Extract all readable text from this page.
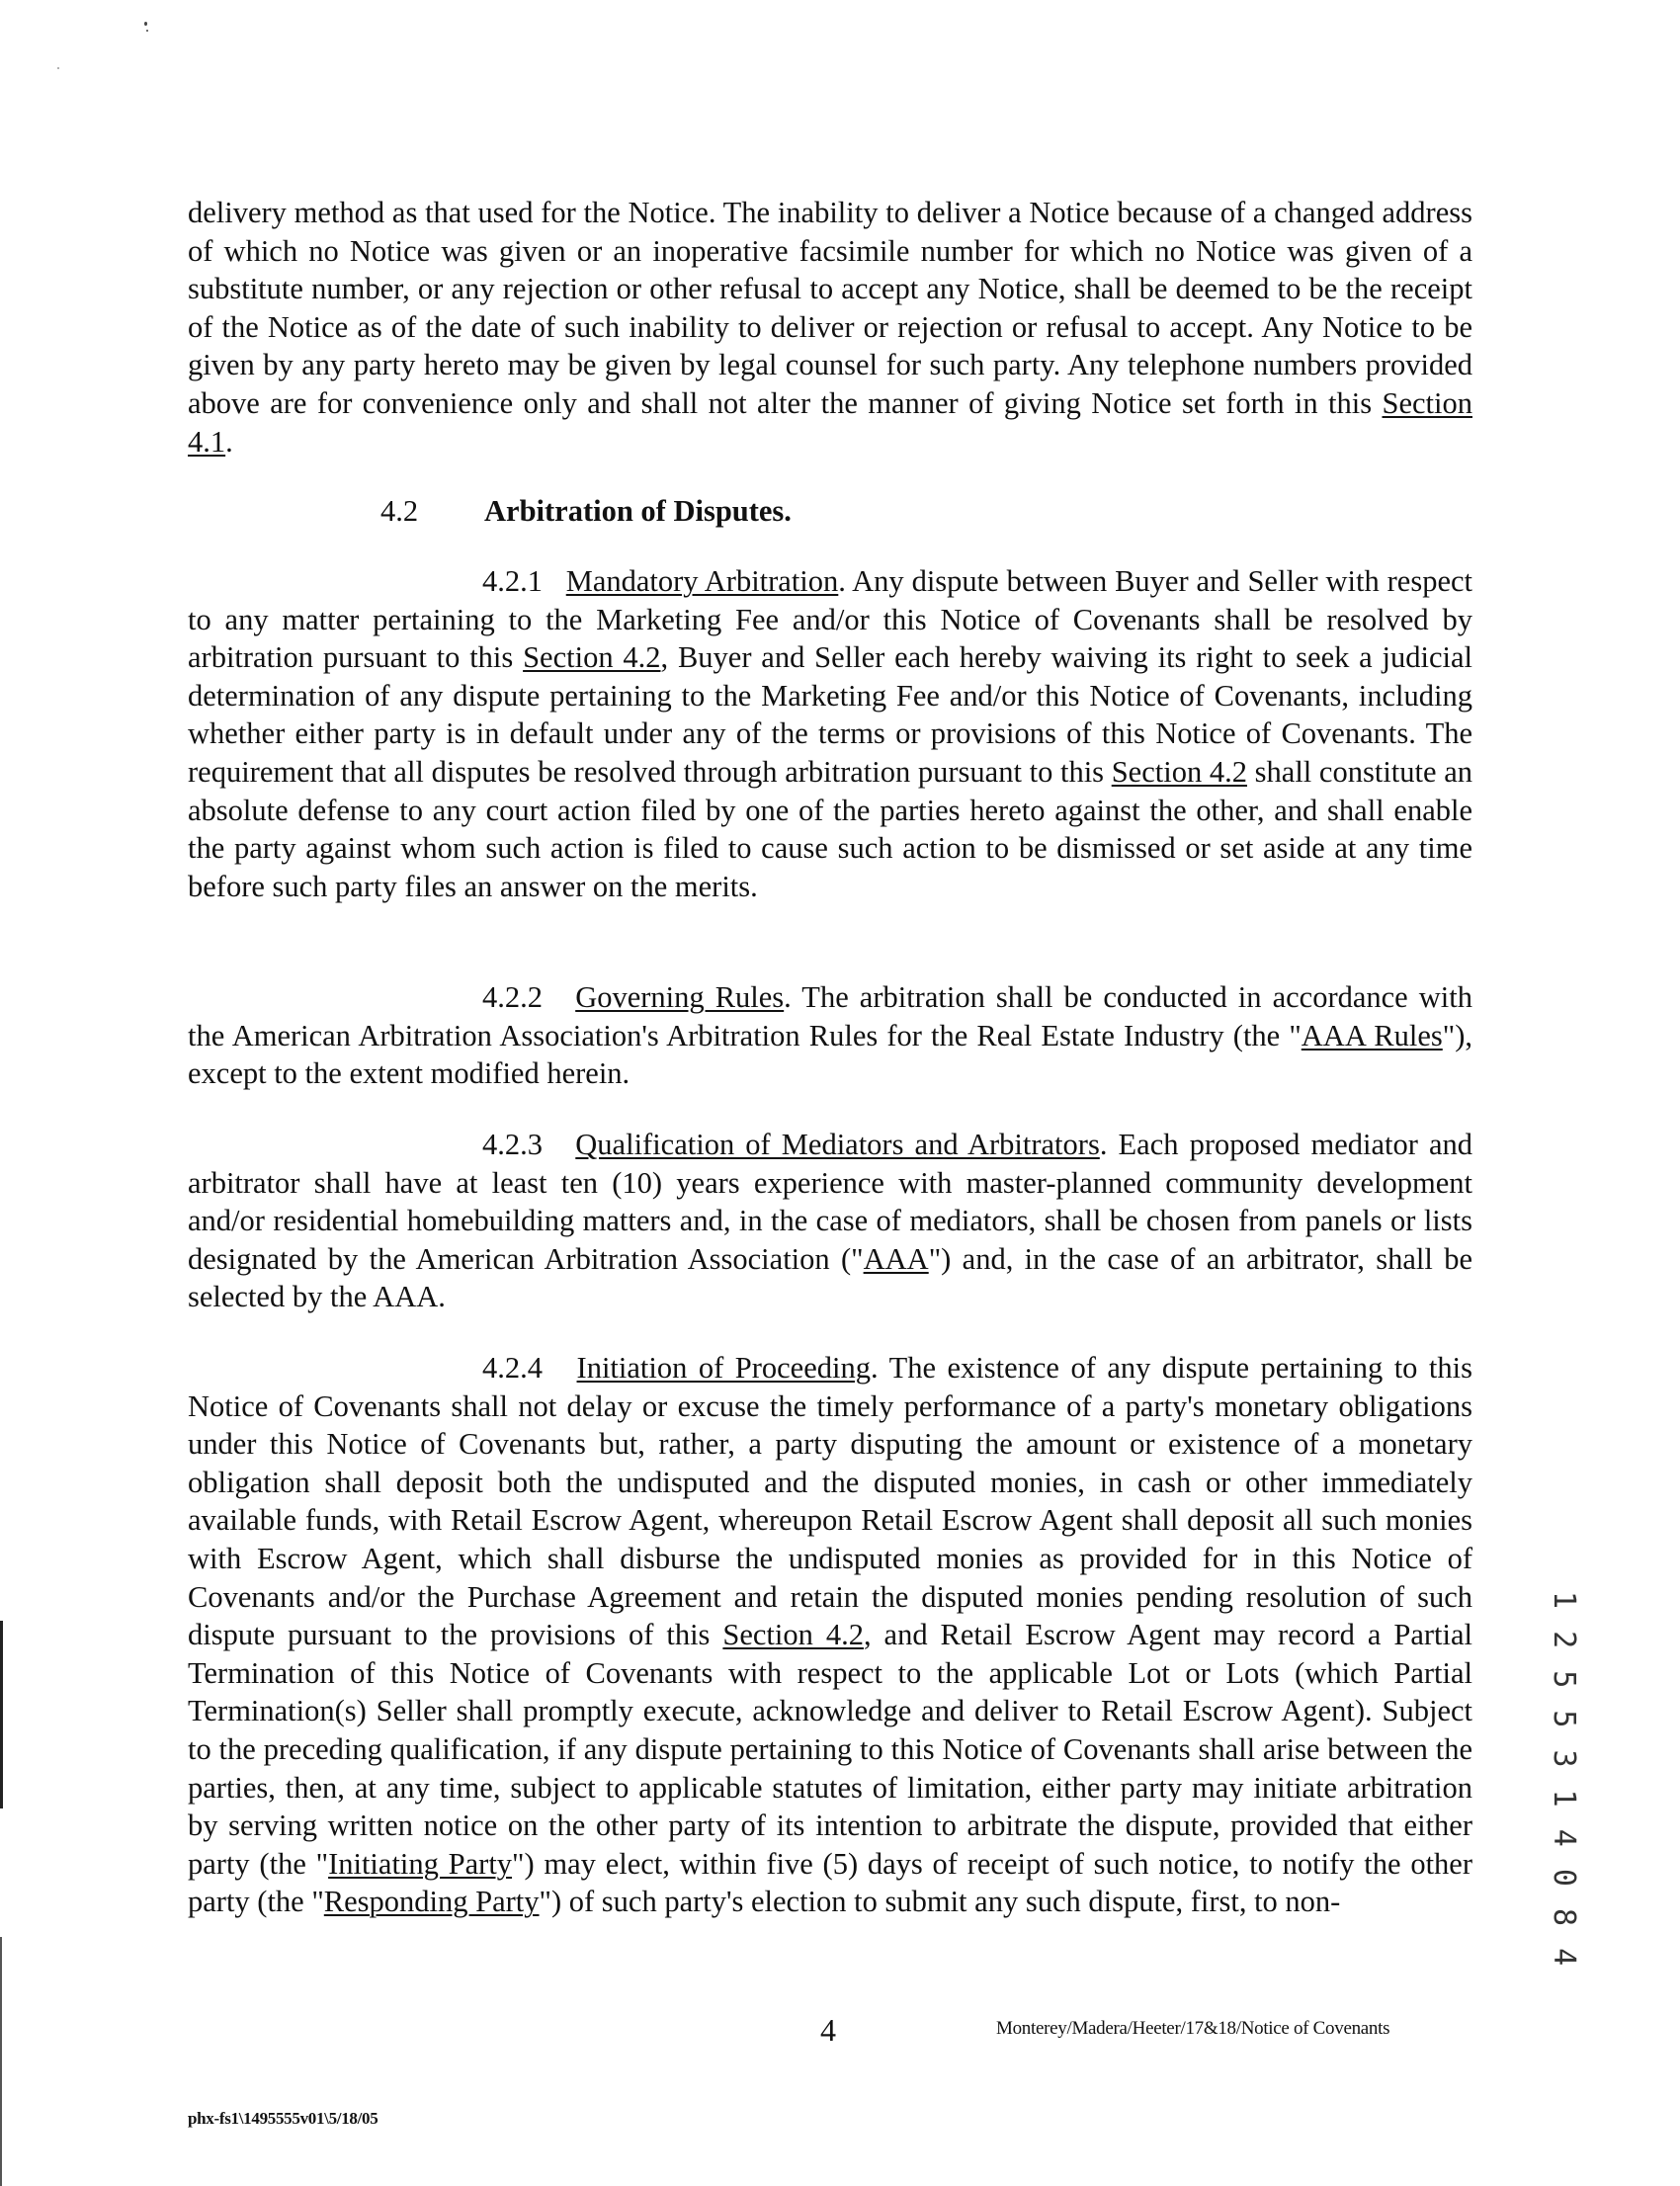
delivery method as that used for the Notice. The inability to deliver a Notice because of a changed address of which no Notice was given or an inoperative facsimile number for which no Notice was given of a substitute number, or any rejection or other refusal to accept any Notice, shall be deemed to be the receipt of the Notice as of the date of such inability to deliver or rejection or refusal to accept. Any Notice to be given by any party hereto may be given by legal counsel for such party. Any telephone numbers provided above are for convenience only and shall not alter the manner of giving Notice set forth in this Section 4.1.

4.2 Arbitration of Disputes.

4.2.1 Mandatory Arbitration. Any dispute between Buyer and Seller with respect to any matter pertaining to the Marketing Fee and/or this Notice of Covenants shall be resolved by arbitration pursuant to this Section 4.2, Buyer and Seller each hereby waiving its right to seek a judicial determination of any dispute pertaining to the Marketing Fee and/or this Notice of Covenants, including whether either party is in default under any of the terms or provisions of this Notice of Covenants. The requirement that all disputes be resolved through arbitration pursuant to this Section 4.2 shall constitute an absolute defense to any court action filed by one of the parties hereto against the other, and shall enable the party against whom such action is filed to cause such action to be dismissed or set aside at any time before such party files an answer on the merits.

4.2.2 Governing Rules. The arbitration shall be conducted in accordance with the American Arbitration Association's Arbitration Rules for the Real Estate Industry (the "AAA Rules"), except to the extent modified herein.

4.2.3 Qualification of Mediators and Arbitrators. Each proposed mediator and arbitrator shall have at least ten (10) years experience with master-planned community development and/or residential homebuilding matters and, in the case of mediators, shall be chosen from panels or lists designated by the American Arbitration Association ("AAA") and, in the case of an arbitrator, shall be selected by the AAA.

4.2.4 Initiation of Proceeding. The existence of any dispute pertaining to this Notice of Covenants shall not delay or excuse the timely performance of a party's monetary obligations under this Notice of Covenants but, rather, a party disputing the amount or existence of a monetary obligation shall deposit both the undisputed and the disputed monies, in cash or other immediately available funds, with Retail Escrow Agent, whereupon Retail Escrow Agent shall deposit all such monies with Escrow Agent, which shall disburse the undisputed monies as provided for in this Notice of Covenants and/or the Purchase Agreement and retain the disputed monies pending resolution of such dispute pursuant to the provisions of this Section 4.2, and Retail Escrow Agent may record a Partial Termination of this Notice of Covenants with respect to the applicable Lot or Lots (which Partial Termination(s) Seller shall promptly execute, acknowledge and deliver to Retail Escrow Agent). Subject to the preceding qualification, if any dispute pertaining to this Notice of Covenants shall arise between the parties, then, at any time, subject to applicable statutes of limitation, either party may initiate arbitration by serving written notice on the other party of its intention to arbitrate the dispute, provided that either party (the "Initiating Party") may elect, within five (5) days of receipt of such notice, to notify the other party (the "Responding Party") of such party's election to submit any such dispute, first, to non-

4	Monterey/Madera/Heeter/17&18/Notice of Covenants
phx-fs1\1495555v01\5/18/05
1 2 5 5 3 1 4 0 8 4
